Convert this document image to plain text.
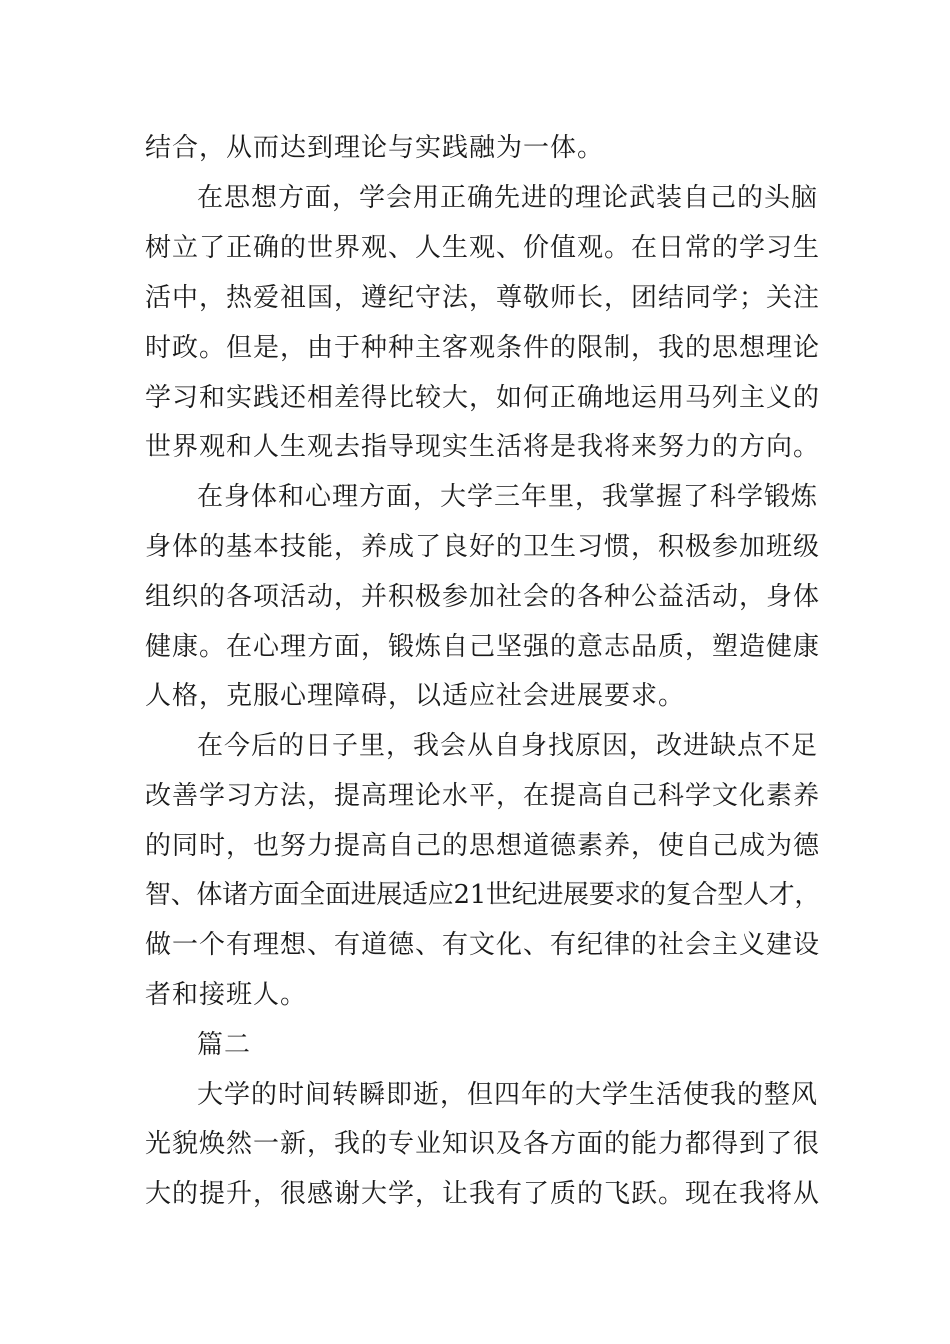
结合，从而达到理论与实践融为一体。
在思想方面，学会用正确先进的理论武装自己的头脑
树立了正确的世界观、人生观、价值观。在日常的学习生
活中，热爱祖国，遵纪守法，尊敬师长，团结同学；关注
时政。但是，由于种种主客观条件的限制，我的思想理论
学习和实践还相差得比较大，如何正确地运用马列主义的
世界观和人生观去指导现实生活将是我将来努力的方向。
在身体和心理方面，大学三年里，我掌握了科学锻炼
身体的基本技能，养成了良好的卫生习惯，积极参加班级
组织的各项活动，并积极参加社会的各种公益活动，身体
健康。在心理方面，锻炼自己坚强的意志品质，塑造健康
人格，克服心理障碍，以适应社会进展要求。
在今后的日子里，我会从自身找原因，改进缺点不足
改善学习方法，提高理论水平，在提高自己科学文化素养
的同时，也努力提高自己的思想道德素养，使自己成为德
智、体诸方面全面进展适应21世纪进展要求的复合型人才，
做一个有理想、有道德、有文化、有纪律的社会主义建设
者和接班人。
篇二
大学的时间转瞬即逝，但四年的大学生活使我的整风
光貌焕然一新，我的专业知识及各方面的能力都得到了很
大的提升，很感谢大学，让我有了质的飞跃。现在我将从
